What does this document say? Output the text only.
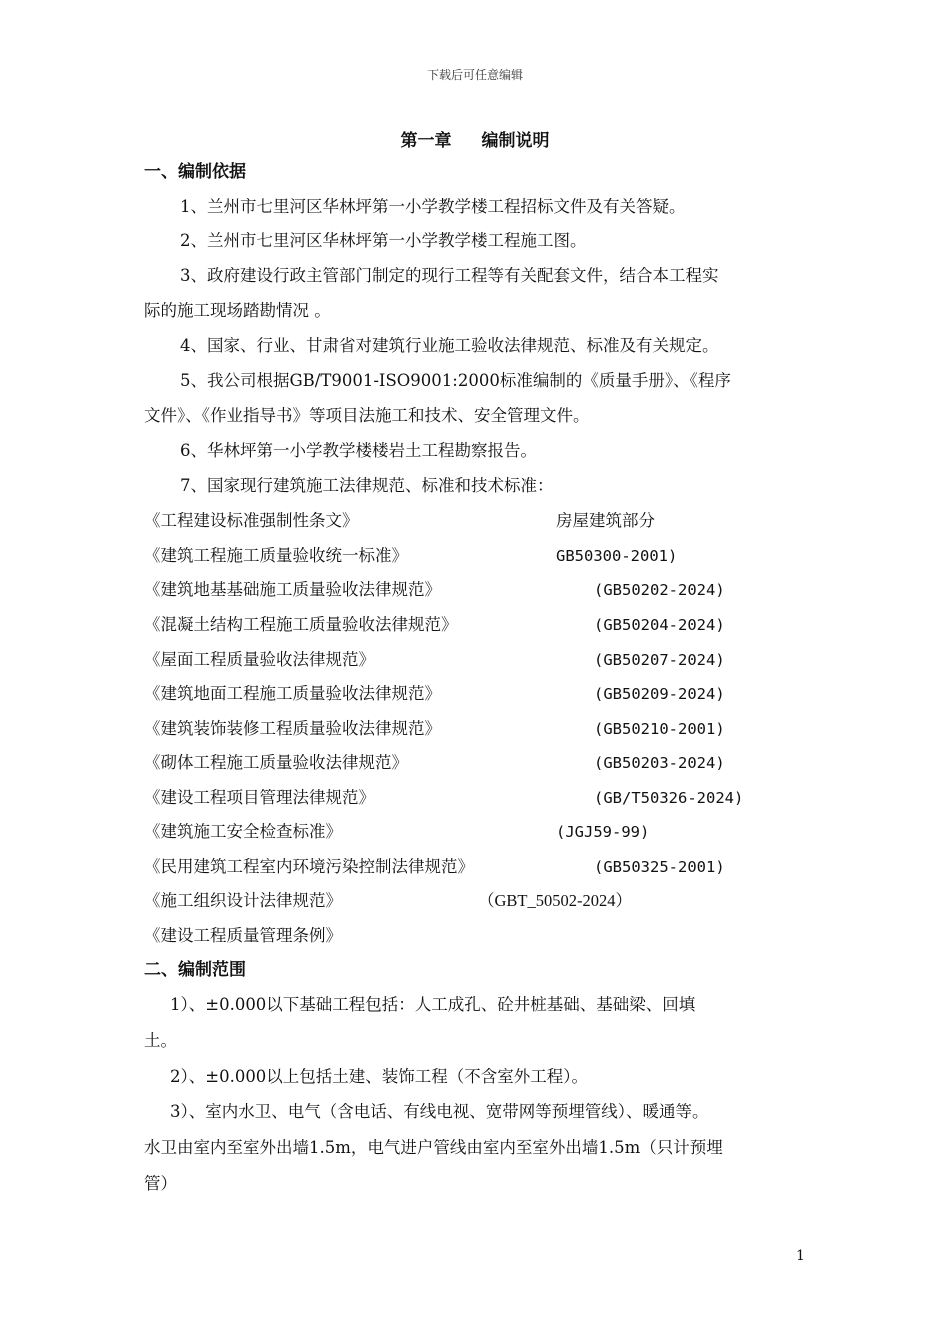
下载后可任意编辑
第一章 编制说明
一、编制依据
1、兰州市七里河区华林坪第一小学教学楼工程招标文件及有关答疑。
2、兰州市七里河区华林坪第一小学教学楼工程施工图。
3、政府建设行政主管部门制定的现行工程等有关配套文件，结合本工程实
际的施工现场踏勘情况 。
4、国家、行业、甘肃省对建筑行业施工验收法律规范、标准及有关规定。
5、我公司根据GB/T9001-ISO9001:2000标准编制的《质量手册》、《程序
文件》、《作业指导书》等项目法施工和技术、安全管理文件。
6、华林坪第一小学教学楼楼岩土工程勘察报告。
7、国家现行建筑施工法律规范、标准和技术标准：
《工程建设标准强制性条文》	房屋建筑部分
《建筑工程施工质量验收统一标准》	GB50300-2001)
《建筑地基基础施工质量验收法律规范》	(GB50202-2024)
《混凝土结构工程施工质量验收法律规范》	(GB50204-2024)
《屋面工程质量验收法律规范》	(GB50207-2024)
《建筑地面工程施工质量验收法律规范》	(GB50209-2024)
《建筑装饰装修工程质量验收法律规范》	(GB50210-2001)
《砌体工程施工质量验收法律规范》	(GB50203-2024)
《建设工程项目管理法律规范》	(GB/T50326-2024)
《建筑施工安全检查标准》	(JGJ59-99)
《民用建筑工程室内环境污染控制法律规范》	(GB50325-2001)
《施工组织设计法律规范》	（GBT_50502-2024）
《建设工程质量管理条例》
二、编制范围
1）、±0.000以下基础工程包括：人工成孔、砼井桩基础、基础梁、回填
土。
2）、±0.000以上包括土建、装饰工程（不含室外工程）。
3）、室内水卫、电气（含电话、有线电视、宽带网等预埋管线）、暖通等。
水卫由室内至室外出墙1.5m，电气进户管线由室内至室外出墙1.5m（只计预埋
管）
1
